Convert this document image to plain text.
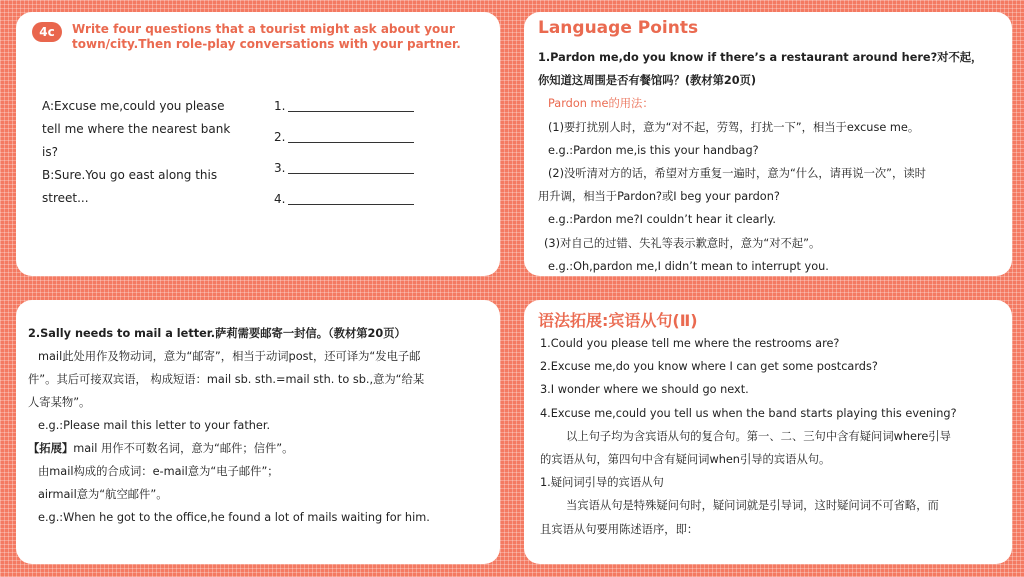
4c	Write four questions that a tourist might ask about your
town/city.Then role-play conversations with your partner.
A:Excuse me,could you please
tell me where the nearest bank
is?
B:Sure.You go east along this
street...
1.
2.
3.
4.
Language Points
1.Pardon me,do you know if there’s a restaurant around here?对不起，
你知道这周围是否有餐馆吗？(教材第20页)
Pardon me的用法：
(1)要打扰别人时，意为“对不起，劳驾，打扰一下”，相当于excuse me。
e.g.:Pardon me,is this your handbag?
(2)没听清对方的话，希望对方重复一遍时，意为“什么，请再说一次”，读时
用升调，相当于Pardon?或I beg your pardon?
e.g.:Pardon me?I couldn’t hear it clearly.
(3)对自己的过错、失礼等表示歉意时，意为“对不起”。
e.g.:Oh,pardon me,I didn’t mean to interrupt you.
2.Sally needs to mail a letter.萨莉需要邮寄一封信。（教材第20页）
mail此处用作及物动词，意为“邮寄”，相当于动词post，还可译为“发电子邮
件”。其后可接双宾语， 构成短语：mail sb. sth.=mail sth. to sb.,意为“给某
人寄某物”。
e.g.:Please mail this letter to your father.
【拓展】mail 用作不可数名词，意为“邮件；信件”。
由mail构成的合成词：e-mail意为“电子邮件”；
airmail意为“航空邮件”。
e.g.:When he got to the office,he found a lot of mails waiting for him.
语法拓展:宾语从句(Ⅱ)
1.Could you please tell me where the restrooms are?
2.Excuse me,do you know where I can get some postcards?
3.I wonder where we should go next.
4.Excuse me,could you tell us when the band starts playing this evening?
以上句子均为含宾语从句的复合句。第一、二、三句中含有疑问词where引导
的宾语从句，第四句中含有疑问词when引导的宾语从句。
1.疑问词引导的宾语从句
当宾语从句是特殊疑问句时，疑问词就是引导词，这时疑问词不可省略，而
且宾语从句要用陈述语序，即：
